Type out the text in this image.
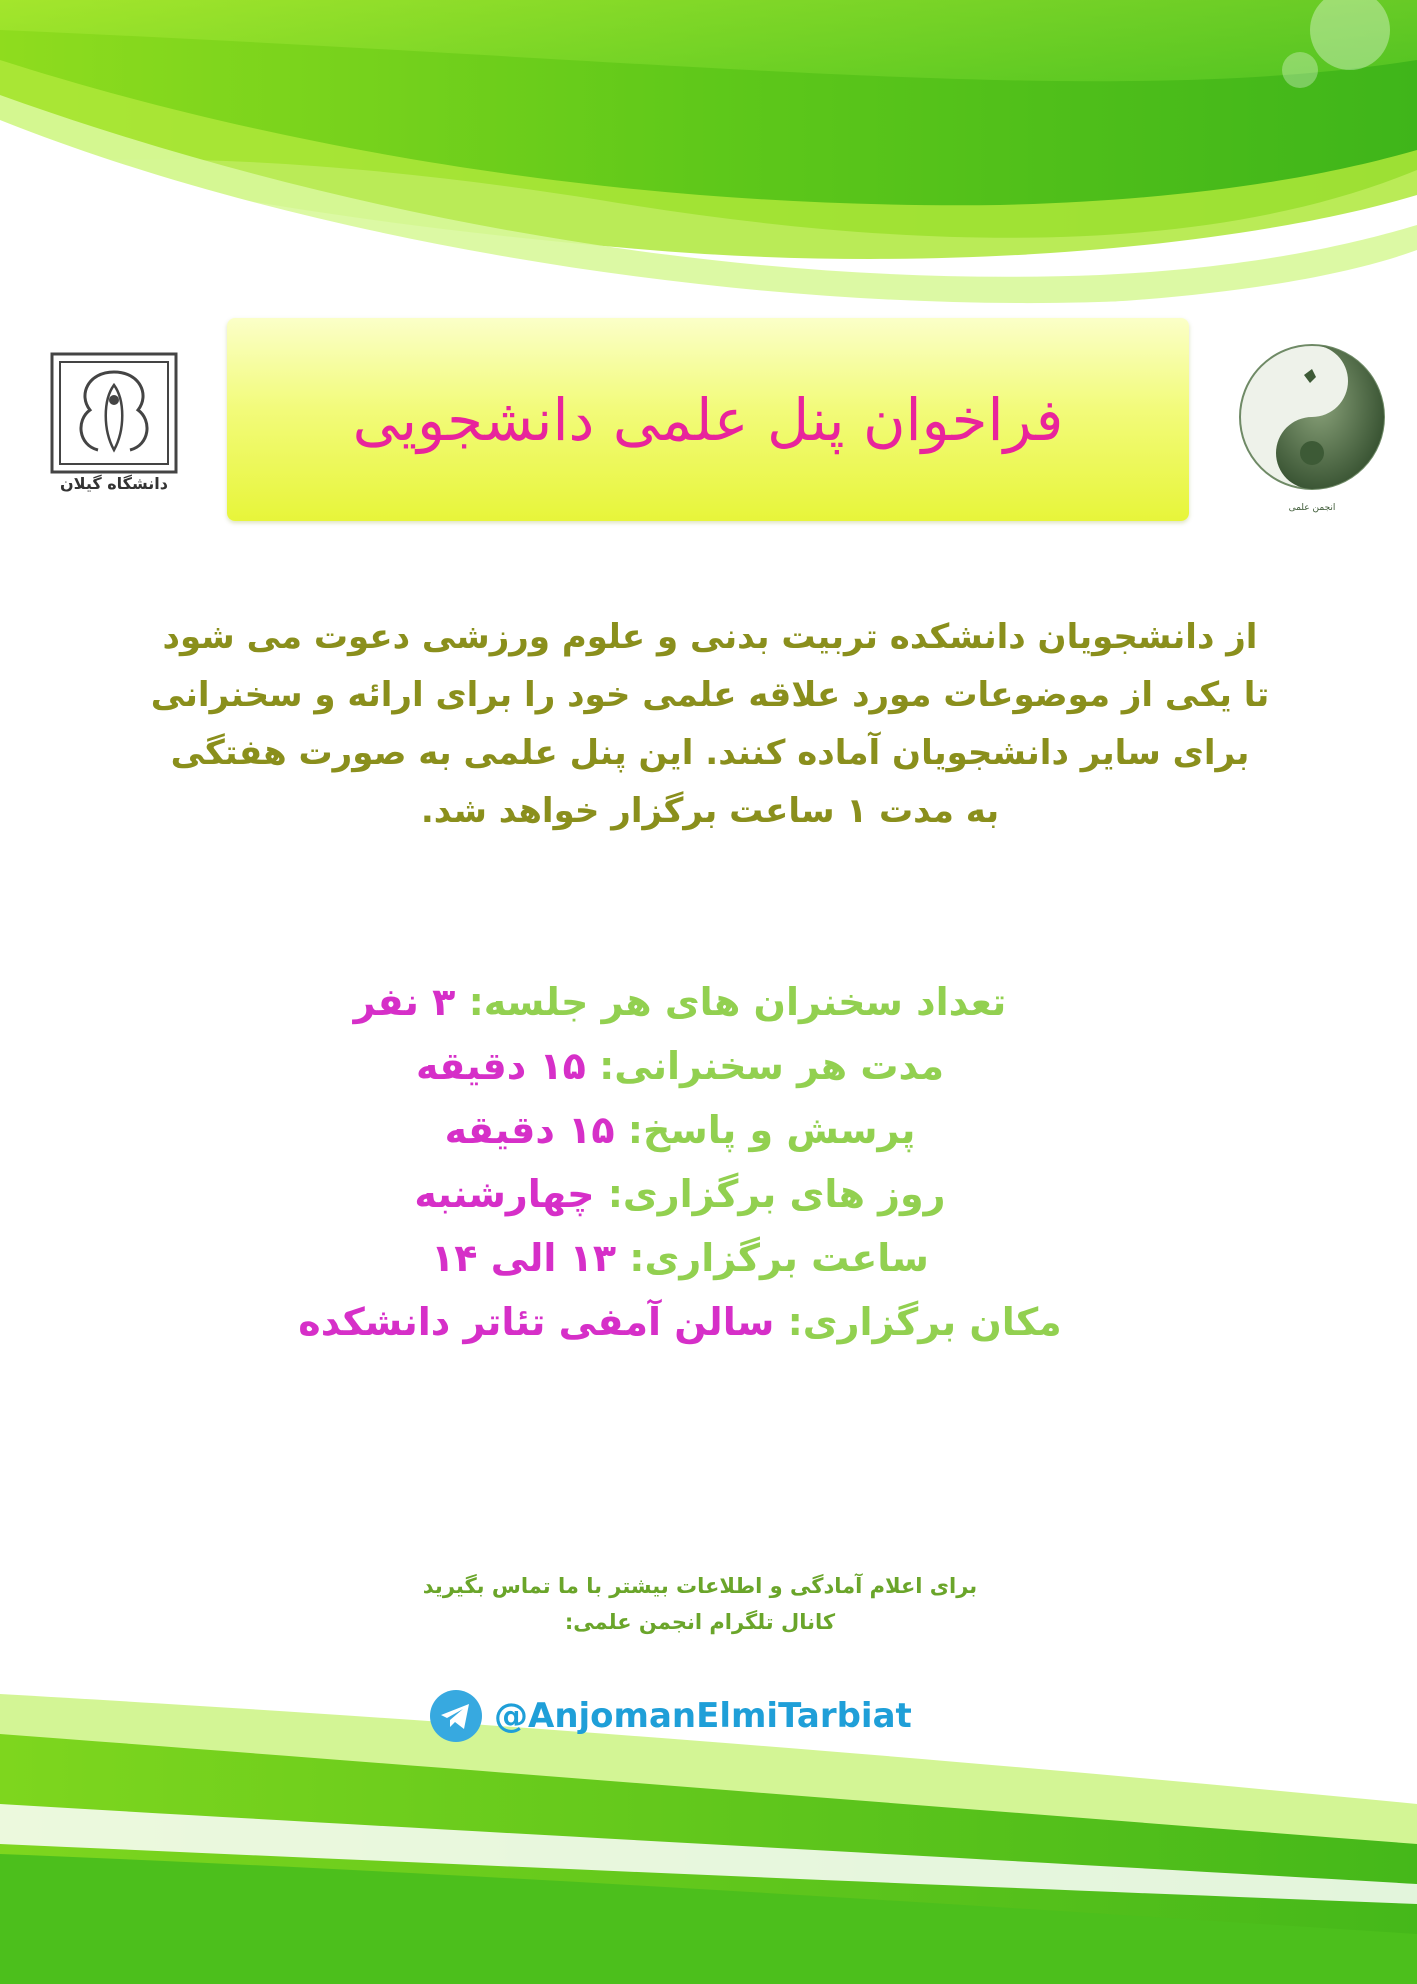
دانشگاه گیلان
انجمن علمی
فراخوان پنل علمی دانشجویی

از دانشجویان دانشکده تربیت بدنی و علوم ورزشی دعوت می شود

تا یکی از موضوعات مورد علاقه علمی خود را برای ارائه و سخنرانی

برای سایر دانشجویان آماده کنند. این پنل علمی به صورت هفتگی

به مدت ۱ ساعت برگزار خواهد شد.

تعداد سخنران های هر جلسه: ۳ نفر
مدت هر سخنرانی: ۱۵ دقیقه
پرسش و پاسخ: ۱۵ دقیقه
روز های برگزاری: چهارشنبه
ساعت برگزاری: ۱۳ الی ۱۴
مکان برگزاری: سالن آمفی تئاتر دانشکده

برای اعلام آمادگی و اطلاعات بیشتر با ما تماس بگیرید

کانال تلگرام انجمن علمی:

@AnjomanElmiTarbiat
